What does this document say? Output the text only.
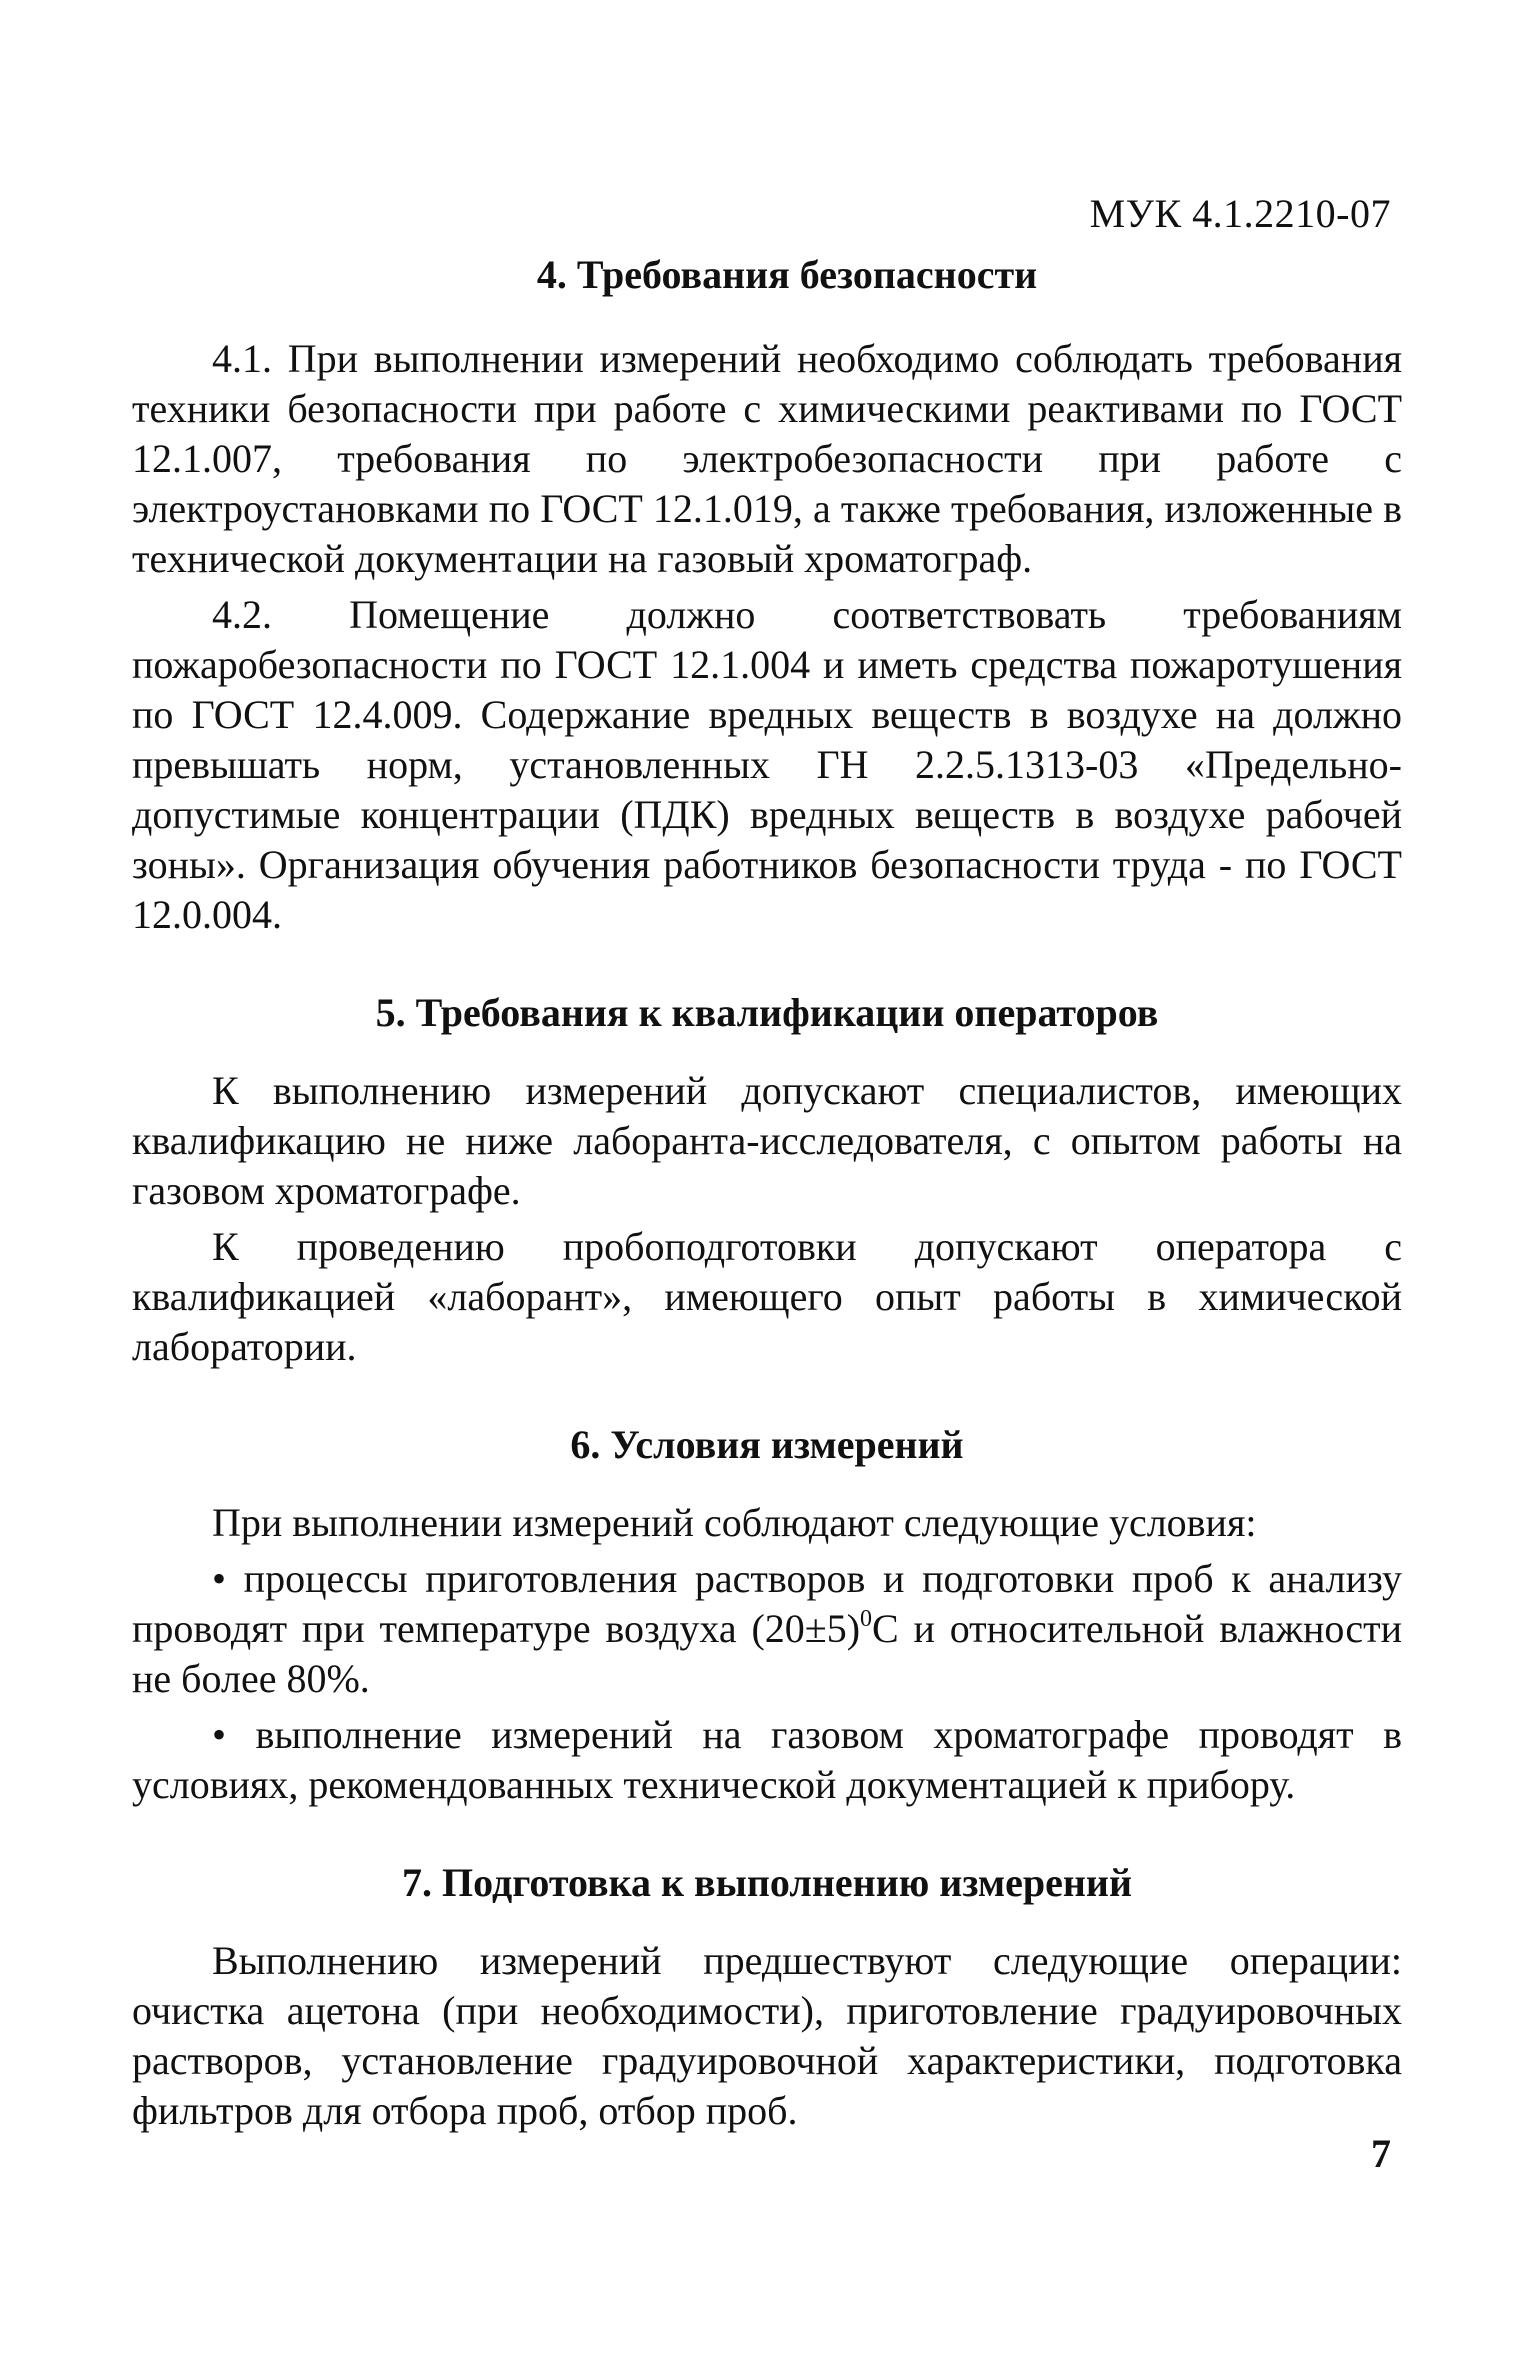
МУК 4.1.2210-07
4. Требования безопасности

4.1. При выполнении измерений необходимо соблюдать требования техники безопасности при работе с химическими реактивами по ГОСТ 12.1.007, требования по электробезопасности при работе с электроустановками по ГОСТ 12.1.019, а также требования, изложенные в технической документации на газовый хроматограф.

4.2. Помещение должно соответствовать требованиям пожаробезопасности по ГОСТ 12.1.004 и иметь средства пожаротушения по ГОСТ 12.4.009. Содержание вредных веществ в воздухе на должно превышать норм, установленных ГН 2.2.5.1313-03 «Предельно-допустимые концентрации (ПДК) вредных веществ в воздухе рабочей зоны». Организация обучения работников безопасности труда - по ГОСТ 12.0.004.

5. Требования к квалификации операторов

К выполнению измерений допускают специалистов, имеющих квалификацию не ниже лаборанта-исследователя, с опытом работы на газовом хроматографе.

К проведению пробоподготовки допускают оператора с квалификацией «лаборант», имеющего опыт работы в химической лаборатории.

6. Условия измерений

При выполнении измерений соблюдают следующие условия:

• процессы приготовления растворов и подготовки проб к анализу проводят при температуре воздуха $(20\pm 5)^0С$ и относительной влажности не более 80%.

• выполнение измерений на газовом хроматографе проводят в условиях, рекомендованных технической документацией к прибору.

7. Подготовка к выполнению измерений

Выполнению измерений предшествуют следующие операции: очистка ацетона (при необходимости), приготовление градуировочных растворов, установление градуировочной характеристики, подготовка фильтров для отбора проб, отбор проб.

7
